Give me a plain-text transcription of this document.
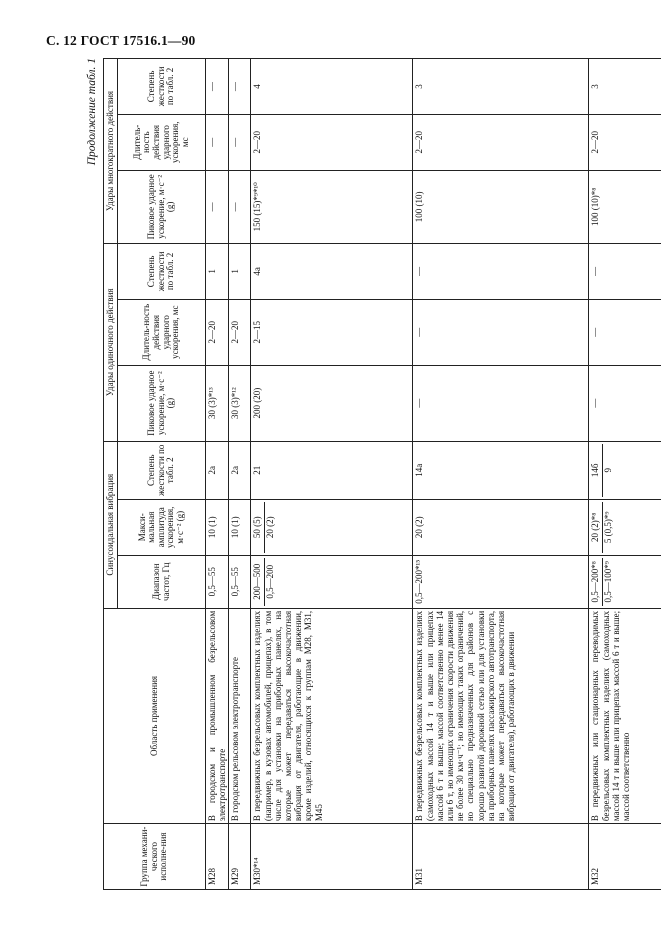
С. 12 ГОСТ 17516.1—90
Продолжение табл. 1
Группа механи-ческого исполне-ния	Область применения	Синусоидальная вибрация			Удары одиночного действия			Удары многократного действия		
		Диапазон частот, Гц	Макси-мальная амплитуда ускорения, м·с⁻² (g)	Степень жесткости по табл. 2	Пиковое ударное ускорение, м·с⁻² (g)	Длитель-ность действия ударного ускорения, мс	Степень жесткости по табл. 2	Пиковое ударное ускорение, м·с⁻² (g)	Длитель-ность действия ударного ускорения, мс	Степень жесткости по табл. 2
М28	В городском и промышленном безрельсовом электротранспорте	0,5—55	10 (1)	2а	30 (3)*¹³	2—20	1	—	—	—
М29	В городском рельсовом электротранспорте	0,5—55	10 (1)	2а	30 (3)*¹²	2—20	1	—	—	—
М30*¹⁴	В передвижных безрельсовых комплектных изделиях (например, в кузовах автомобилей, прицепах), в том числе для установки на приборных панелях, на которые может передаваться высокочастотная вибрация от двигателя, работающие в движении, кроме изделий, относящихся к группам М28, М31, М45	200—500 0,5—200	50 (5) 20 (2)	21	200 (20)	2—15	4а	150 (15)*⁹*¹⁰	2—20	4
М31	В передвижных безрельсовых комплектных изделиях (самоходных массой 14 т и выше или прицепах массой 6 т и выше; массой соответственно менее 14 или 6 т, но имеющих ограничения скорости движения не более 30 км·ч⁻¹; но имеющих таких ограничений, но специально предназначенных для районов с хорошо развитой дорожной сетью или для установки на приборных панелях пассажирского автотранспорта, на которые может передаваться высокочастотная вибрация от двигателя), работающих в движении	0,5—200*¹⁵	20 (2)	14а	—	—	—	100 (10)	2—20	3
М32	В передвижных или стационарных переводимых безрельсовых комплектных изделиях (самоходных массой 14 т и выше или прицепах массой 6 т и выше; массой соответственно	0,5—200*⁸ 0,5—100*⁹	20 (2)*⁸ 5 (0,5)*⁹	14б 9	—	—	—	100 (10)*⁸	2—20	3
